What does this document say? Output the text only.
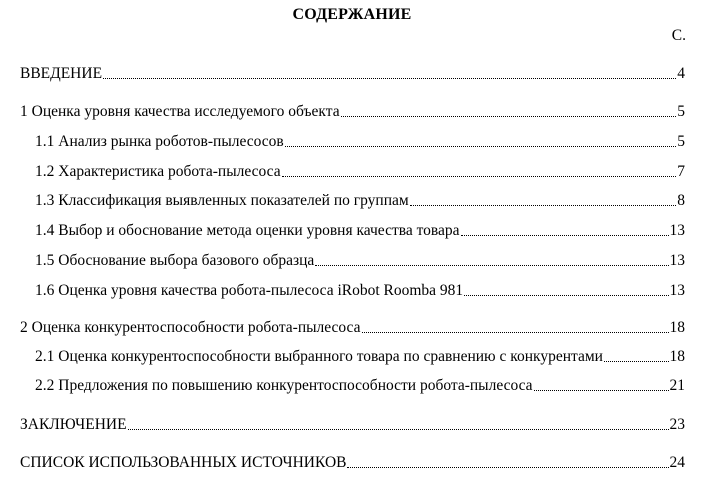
СОДЕРЖАНИЕ
С.
ВВЕДЕНИЕ	4
1 Оценка уровня качества исследуемого объекта	5
1.1 Анализ рынка роботов-пылесосов	5
1.2 Характеристика робота-пылесоса	7
1.3 Классификация выявленных показателей по группам	8
1.4 Выбор и обоснование метода оценки уровня качества товара	13
1.5 Обоснование выбора базового образца	13
1.6 Оценка уровня качества робота-пылесоса iRobot Roomba 981	13
2 Оценка конкурентоспособности робота-пылесоса	18
2.1 Оценка конкурентоспособности выбранного товара по сравнению с конкурентами	18
2.2 Предложения по повышению конкурентоспособности робота-пылесоса	21
ЗАКЛЮЧЕНИЕ	23
СПИСОК ИСПОЛЬЗОВАННЫХ ИСТОЧНИКОВ	24
